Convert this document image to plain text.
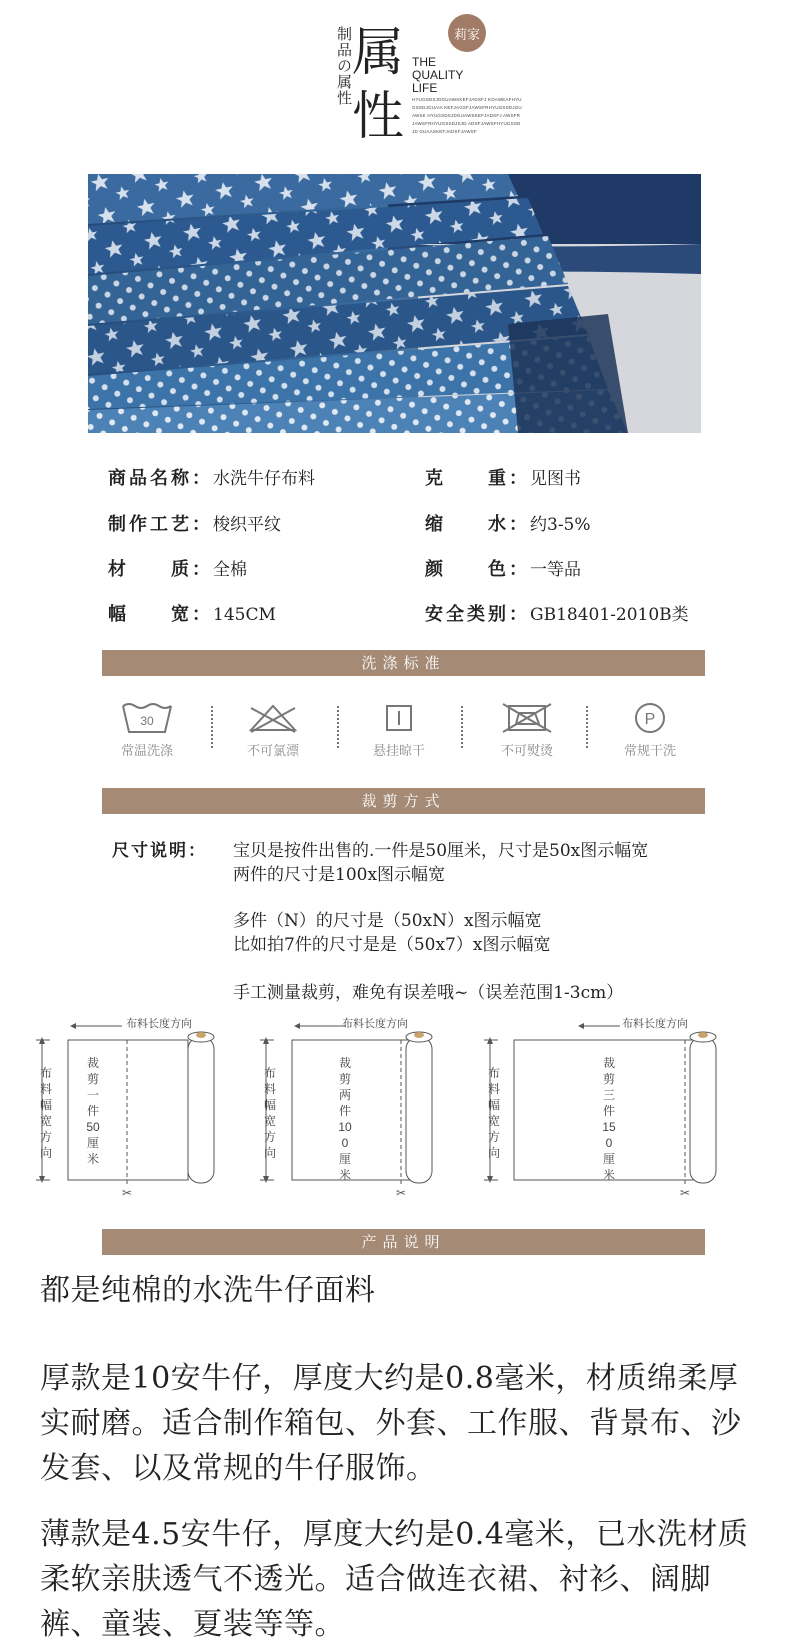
制品の属性 属
性
莉家
THE
QUALITY
LIFE
HYUGSDSJDGUAWSKEFJADSFJ KOAWEAFHYUGSSDJGUAIA KEFJAGSFJAWSFRHYUGSSDJGUAWSK HYUGSDSJDGUAWSKEFJADSFJ AWSFRJAWSFRHYUGSSDJSJD ADSFJAWSFHYUGSSDJD GUAASKEFJADSFJAWSF
商品名称：水洗牛仔布料	克　　重：见图书
制作工艺：梭织平纹	缩　　水：约3-5%
材　　质：全棉	颜　　色：一等品
幅　　宽：145CM	安全类别：GB18401-2010B类
洗涤标准
30
常温洗涤	不可氯漂	悬挂晾干	不可熨烫
P
常规干洗
裁剪方式
尺寸说明： 宝贝是按件出售的.一件是50厘米，尺寸是50x图示幅宽
两件的尺寸是100x图示幅宽
多件（N）的尺寸是（50xN）x图示幅宽
比如拍7件的尺寸是是（50x7）x图示幅宽
手工测量裁剪，难免有误差哦~（误差范围1-3cm）
✂
布料长度方向
布料幅宽方向
裁剪一件50厘米
✂
布料长度方向
布料幅宽方向
裁剪两件100厘米
✂
布料长度方向
布料幅宽方向
裁剪三件150厘米
产品说明
都是纯棉的水洗牛仔面料
厚款是10安牛仔，厚度大约是0.8毫米，材质绵柔厚实耐磨。适合制作箱包、外套、工作服、背景布、沙发套、以及常规的牛仔服饰。
薄款是4.5安牛仔，厚度大约是0.4毫米，已水洗材质柔软亲肤透气不透光。适合做连衣裙、衬衫、阔脚裤、童装、夏装等等。
